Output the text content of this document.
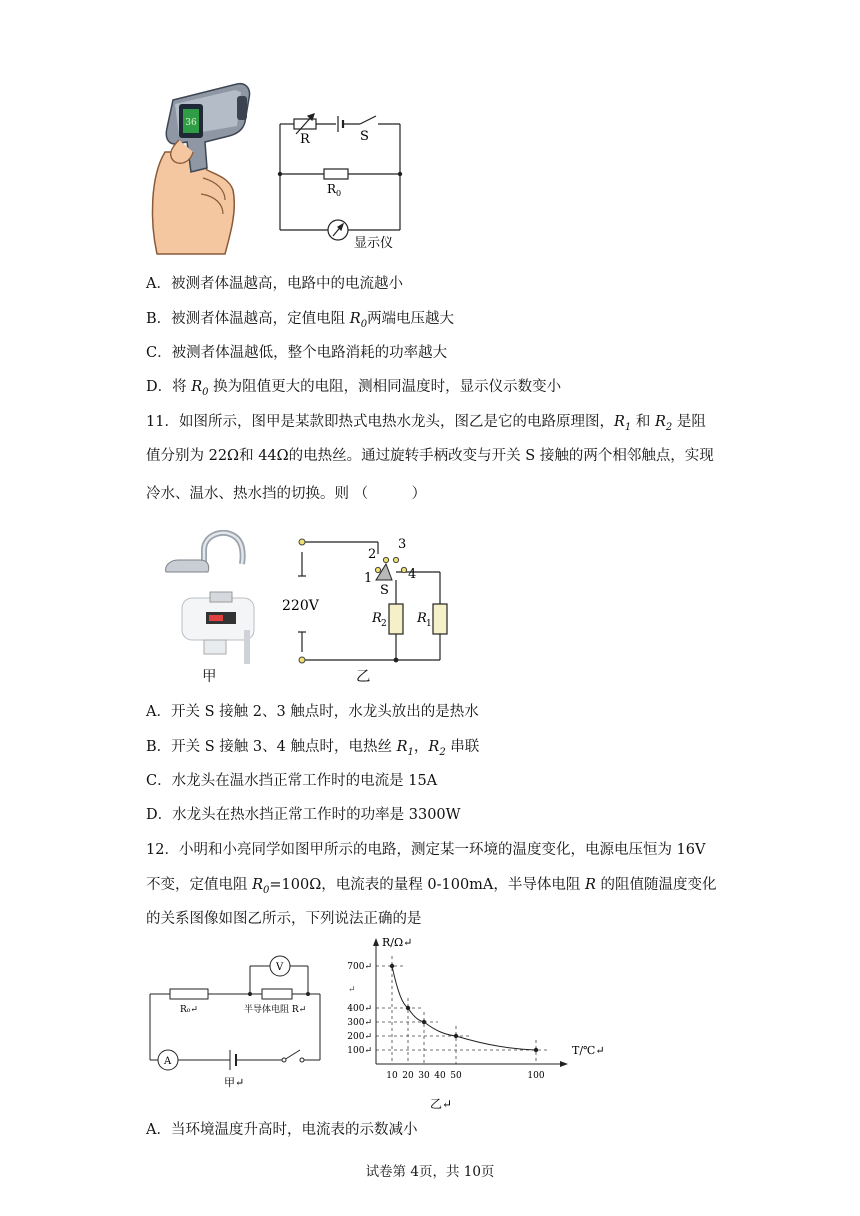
36
R	S
R 0
显示仪
A．被测者体温越高，电路中的电流越小
B．被测者体温越高，定值电阻 $R_0$两端电压越大
C．被测者体温越低，整个电路消耗的功率越大
D．将 $R_0$ 换为阻值更大的电阻，测相同温度时，显示仪示数变小
11．如图所示，图甲是某款即热式电热水龙头，图乙是它的电路原理图，$R_1$ 和 $R_2$ 是阻
值分别为 22Ω和 44Ω的电热丝。通过旋转手柄改变与开关 S 接触的两个相邻触点，实现
冷水、温水、热水挡的切换。则 （　　　）
甲
220V
1
2
3
4
S
R 2 R 1
乙
A．开关 S 接触 2、3 触点时，水龙头放出的是热水
B．开关 S 接触 3、4 触点时，电热丝 $R_1$，$R_2$ 串联
C．水龙头在温水挡正常工作时的电流是 15A
D．水龙头在热水挡正常工作时的功率是 3300W
12．小明和小亮同学如图甲所示的电路，测定某一环境的温度变化，电源电压恒为 16V
不变，定值电阻 $R_0=100\Omega$，电流表的量程 0-100mA，半导体电阻 R 的阻值随温度变化
的关系图像如图乙所示，下列说法正确的是
V
A
R₀↵	半导体电阻 R↵
甲↵	10 20 30 40 50	100
100↵
200↵
300↵
400↵
700↵
R/Ω↵
T/℃↵
↵
乙↵
A．当环境温度升高时，电流表的示数减小
试卷第 4页，共 10页
